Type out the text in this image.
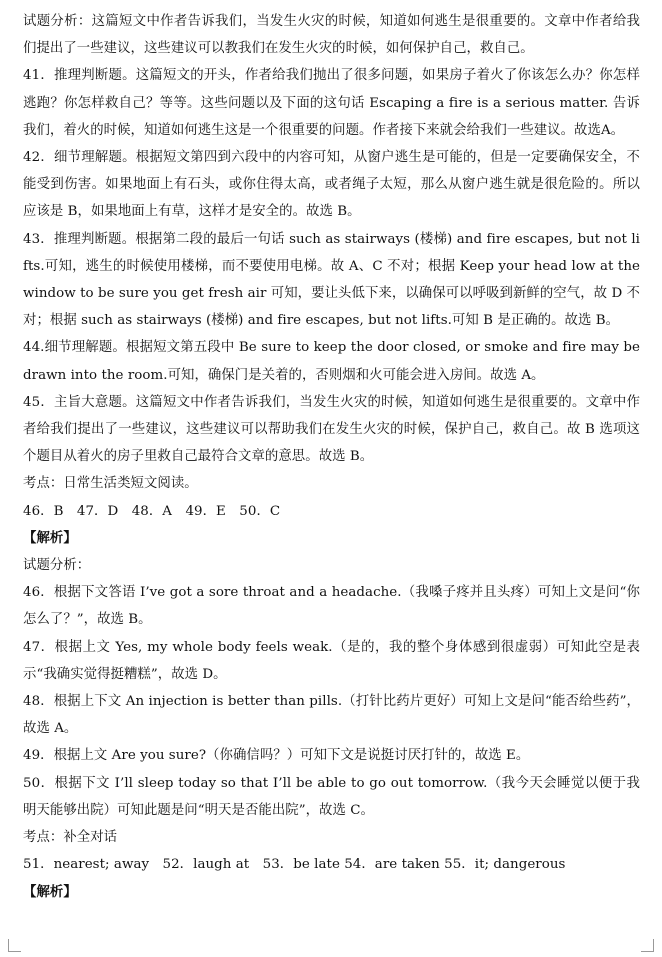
试题分析：这篇短文中作者告诉我们，当发生火灾的时候，知道如何逃生是很重要的。文章中作者给我们提出了一些建议，这些建议可以教我们在发生火灾的时候，如何保护自己，救自己。

41．推理判断题。这篇短文的开头，作者给我们抛出了很多问题，如果房子着火了你该怎么办？你怎样逃跑？你怎样救自己？等等。这些问题以及下面的这句话 Escaping a fire is a serious matter. 告诉我们，着火的时候，知道如何逃生这是一个很重要的问题。作者接下来就会给我们一些建议。故选A。

42．细节理解题。根据短文第四到六段中的内容可知，从窗户逃生是可能的，但是一定要确保安全，不能受到伤害。如果地面上有石头，或你住得太高，或者绳子太短，那么从窗户逃生就是很危险的。所以应该是 B，如果地面上有草，这样才是安全的。故选 B。

43．推理判断题。根据第二段的最后一句话 such as stairways (楼梯) and fire escapes, but not lifts.可知，逃生的时候使用楼梯，而不要使用电梯。故 A、C 不对；根据 Keep your head low at the window to be sure you get fresh air 可知，要让头低下来，以确保可以呼吸到新鲜的空气，故 D 不对；根据 such as stairways (楼梯) and fire escapes, but not lifts.可知 B 是正确的。故选 B。

44.细节理解题。根据短文第五段中 Be sure to keep the door closed, or smoke and fire may be drawn into the room.可知，确保门是关着的，否则烟和火可能会进入房间。故选 A。

45．主旨大意题。这篇短文中作者告诉我们，当发生火灾的时候，知道如何逃生是很重要的。文章中作者给我们提出了一些建议，这些建议可以帮助我们在发生火灾的时候，保护自己，救自己。故 B 选项这个题目从着火的房子里救自己最符合文章的意思。故选 B。

考点：日常生活类短文阅读。

46．B　47．D　48．A　49．E　50．C

【解析】

试题分析：

46．根据下文答语 I’ve got a sore throat and a headache.（我嗓子疼并且头疼）可知上文是问“你怎么了？”，故选 B。

47．根据上文 Yes, my whole body feels weak.（是的，我的整个身体感到很虚弱）可知此空是表示“我确实觉得挺糟糕”，故选 D。

48．根据上下文 An injection is better than pills.（打针比药片更好）可知上文是问“能否给些药”，故选 A。

49．根据上文 Are you sure?（你确信吗？）可知下文是说挺讨厌打针的，故选 E。

50．根据下文 I’ll sleep today so that I’ll be able to go out tomorrow.（我今天会睡觉以便于我明天能够出院）可知此题是问“明天是否能出院”，故选 C。

考点：补全对话

51．nearest; away　52．laugh at　53．be late 54．are taken 55．it; dangerous

【解析】
